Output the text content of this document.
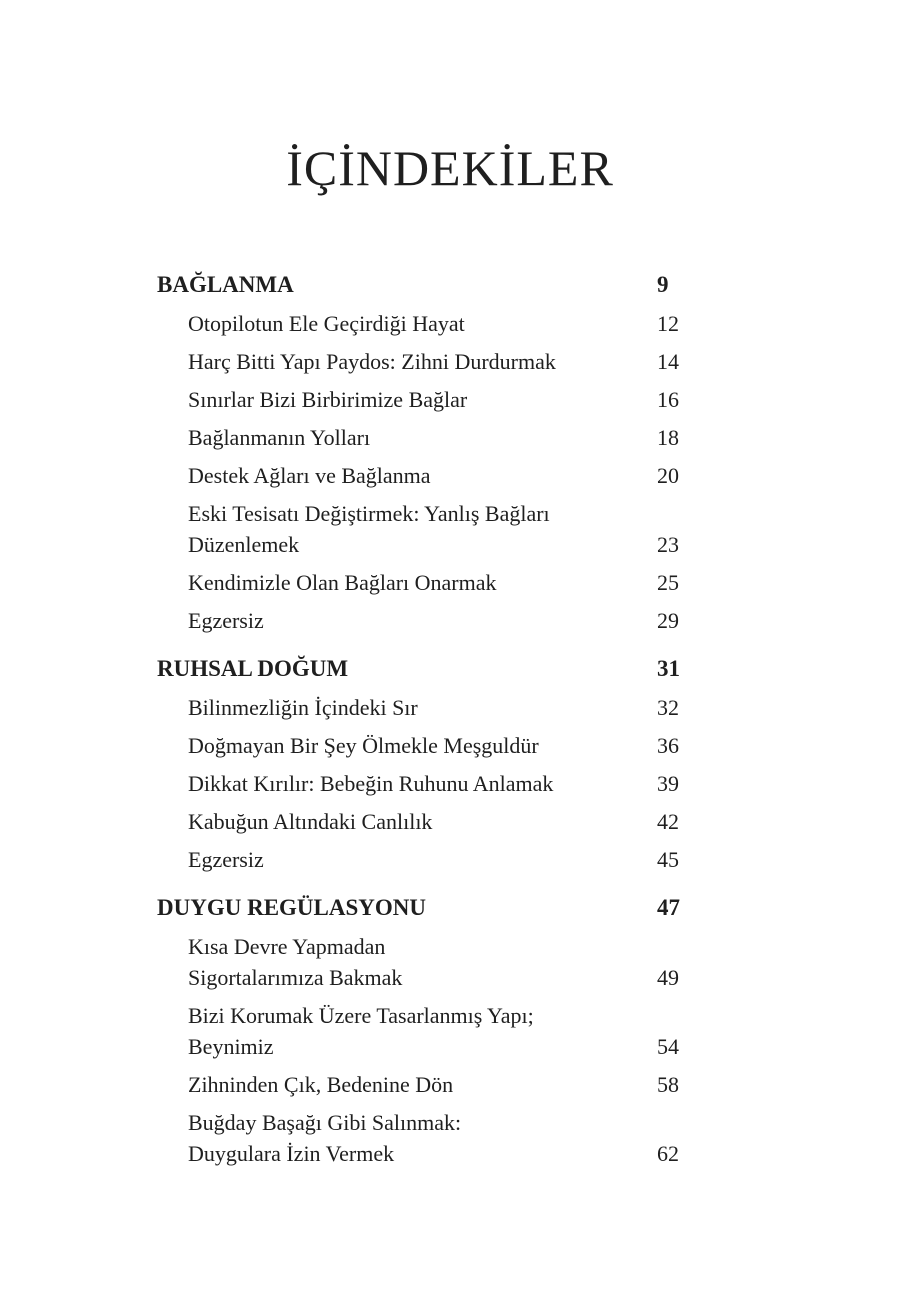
İÇİNDEKİLER
BAĞLANMA	9
Otopilotun Ele Geçirdiği Hayat	12
Harç Bitti Yapı Paydos: Zihni Durdurmak	14
Sınırlar Bizi Birbirimize Bağlar	16
Bağlanmanın Yolları	18
Destek Ağları ve Bağlanma	20
Eski Tesisatı Değiştirmek: Yanlış Bağları
Düzenlemek	23
Kendimizle Olan Bağları Onarmak	25
Egzersiz	29
RUHSAL DOĞUM	31
Bilinmezliğin İçindeki Sır	32
Doğmayan Bir Şey Ölmekle Meşguldür	36
Dikkat Kırılır: Bebeğin Ruhunu Anlamak	39
Kabuğun Altındaki Canlılık	42
Egzersiz	45
DUYGU REGÜLASYONU	47
Kısa Devre Yapmadan
Sigortalarımıza Bakmak	49
Bizi Korumak Üzere Tasarlanmış Yapı;
Beynimiz	54
Zihninden Çık, Bedenine Dön	58
Buğday Başağı Gibi Salınmak:
Duygulara İzin Vermek	62
